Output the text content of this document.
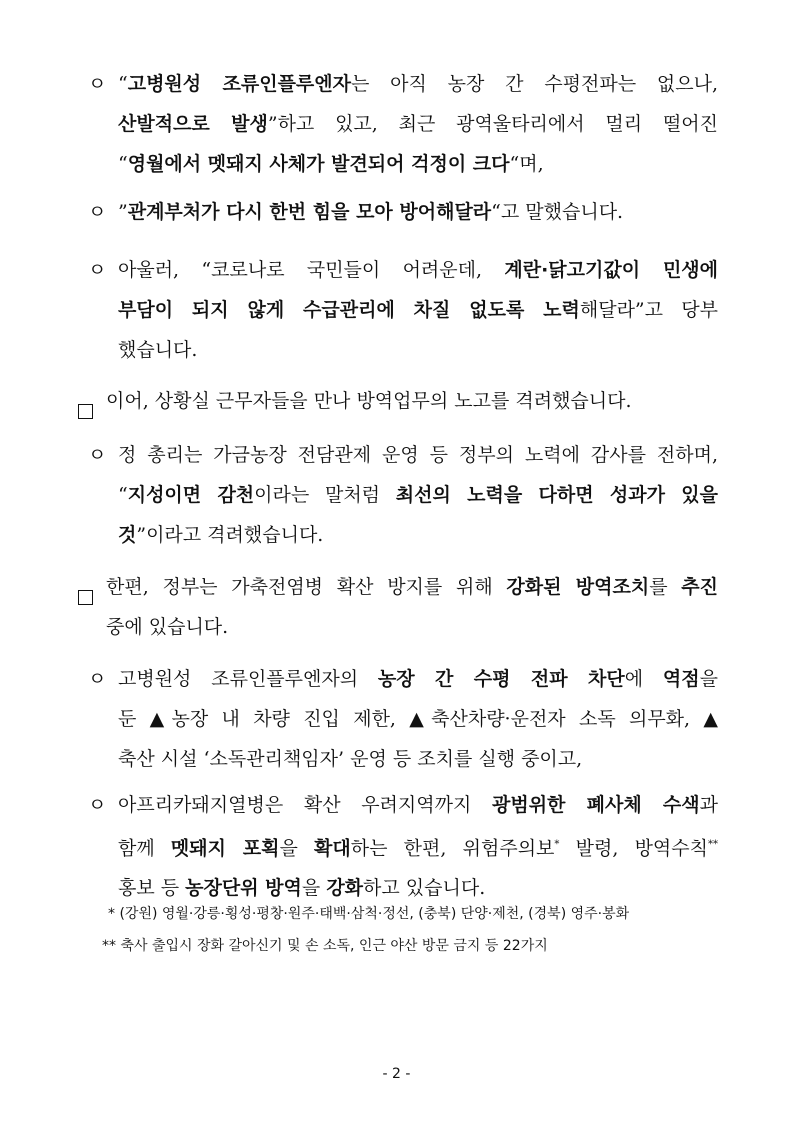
ㅇ “고병원성 조류인플루엔자는 아직 농장 간 수평전파는 없으나,
산발적으로 발생”하고 있고, 최근 광역울타리에서 멀리 떨어진
“영월에서 멧돼지 사체가 발견되어 걱정이 크다“며,
ㅇ ”관계부처가 다시 한번 힘을 모아 방어해달라“고 말했습니다.
ㅇ 아울러, “코로나로 국민들이 어려운데, 계란·닭고기값이 민생에
부담이 되지 않게 수급관리에 차질 없도록 노력해달라”고 당부
했습니다.
이어, 상황실 근무자들을 만나 방역업무의 노고를 격려했습니다.
ㅇ 정 총리는 가금농장 전담관제 운영 등 정부의 노력에 감사를 전하며,
“지성이면 감천이라는 말처럼 최선의 노력을 다하면 성과가 있을
것”이라고 격려했습니다.
한편, 정부는 가축전염병 확산 방지를 위해 강화된 방역조치를 추진
중에 있습니다.
ㅇ 고병원성 조류인플루엔자의 농장 간 수평 전파 차단에 역점을
둔 ▲농장 내 차량 진입 제한, ▲축산차량·운전자 소독 의무화, ▲
축산 시설 ‘소독관리책임자’ 운영 등 조치를 실행 중이고,
ㅇ 아프리카돼지열병은 확산 우려지역까지 광범위한 폐사체 수색과
함께 멧돼지 포획을 확대하는 한편, 위험주의보* 발령, 방역수칙**
홍보 등 농장단위 방역을 강화하고 있습니다.
* (강원) 영월·강릉·횡성·평창·원주·태백·삼척·정선, (충북) 단양·제천, (경북) 영주·봉화
** 축사 출입시 장화 갈아신기 및 손 소독, 인근 야산 방문 금지 등 22가지
- 2 -
